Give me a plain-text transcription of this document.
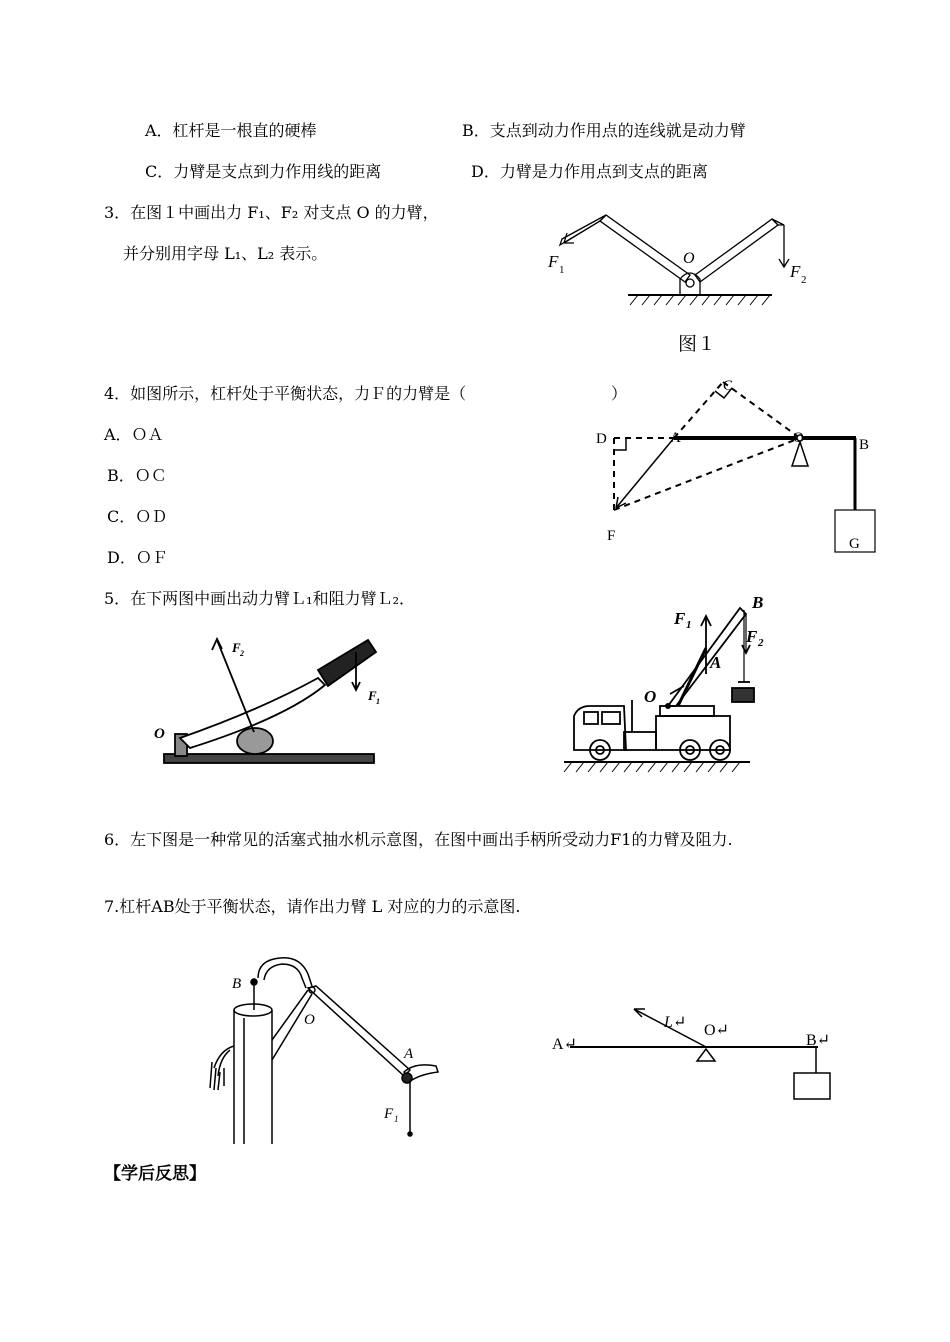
A．杠杆是一根直的硬棒	B．支点到动力作用点的连线就是动力臂
C．力臂是支点到力作用线的距离	D．力臂是力作用点到支点的距离
3．在图１中画出力 F₁、F₂ 对支点 O 的力臂，
并分别用字母 L₁、L₂ 表示。	F 1	F 2
O
图１
4．如图所示，杠杆处于平衡状态，力Ｆ的力臂是（	）
A．ＯＡ
B．ＯＣ
C．ＯＤ
D．ＯＦ
D	A
C
O	B
F	G
5．在下两图中画出动力臂Ｌ₁和阻力臂Ｌ₂．
O
F 2
F 1
B
F 1
F 2
A
O
6．左下图是一种常见的活塞式抽水机示意图，在图中画出手柄所受动力F1的力臂及阻力.
7.杠杆AB处于平衡状态，请作出力臂 L 对应的力的示意图.
B
O
A
F 1
A↵
L↵ O↵
B↵
【学后反思】
